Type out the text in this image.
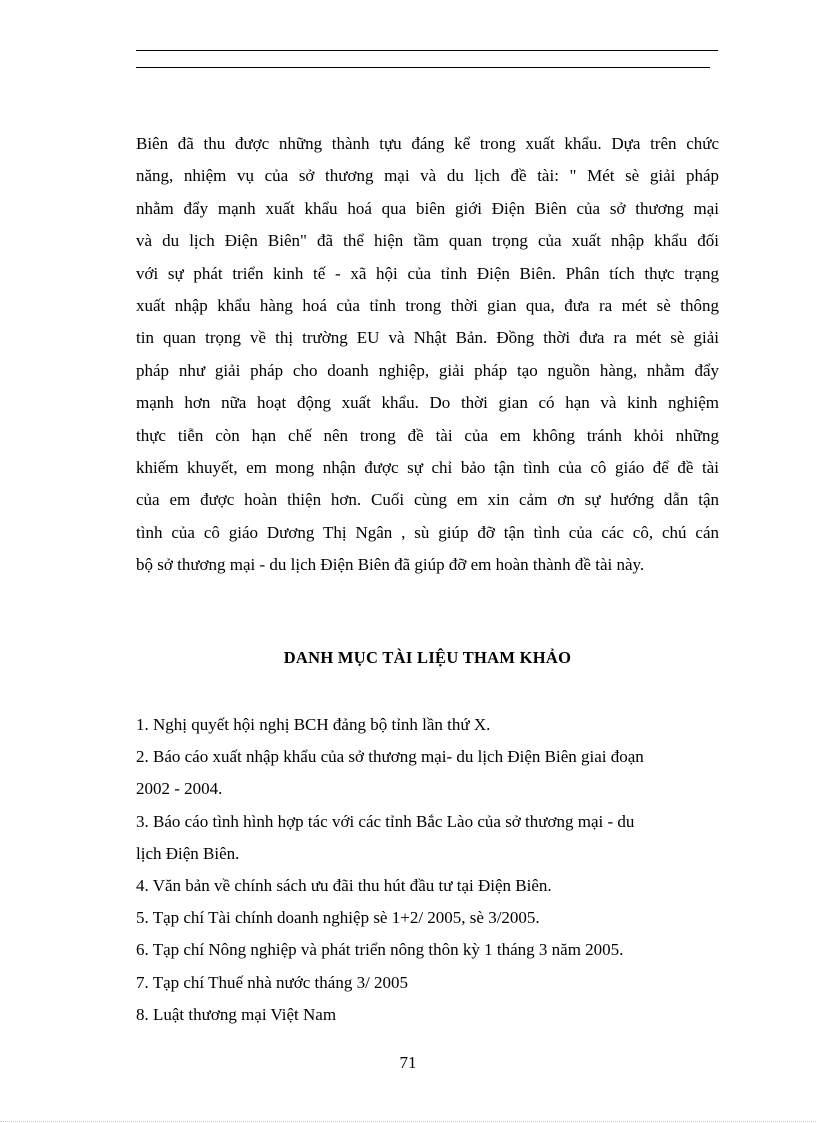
Biên đã thu được những thành tựu đáng kể trong xuất khẩu. Dựa trên chức
năng, nhiệm vụ của sở thương mại và du lịch đề tài: " Mét sè giải pháp
nhằm đẩy mạnh xuất khẩu hoá qua biên giới Điện Biên của sở thương mại
và du lịch Điện Biên" đã thể hiện tầm quan trọng của xuất nhập khẩu đối
với sự phát triển kinh tế - xã hội của tỉnh Điện Biên. Phân tích thực trạng
xuất nhập khẩu hàng hoá của tỉnh trong thời gian qua, đưa ra mét sè thông
tin quan trọng về thị trường EU và Nhật Bản. Đồng thời đưa ra mét sè giải
pháp như giải pháp cho doanh nghiệp, giải pháp tạo nguồn hàng, nhằm đẩy
mạnh hơn nữa hoạt động xuất khẩu. Do thời gian có hạn và kinh nghiệm
thực tiễn còn hạn chế nên trong đề tài của em không tránh khỏi những
khiếm khuyết, em mong nhận được sự chỉ bảo tận tình của cô giáo để đề tài
của em được hoàn thiện hơn. Cuối cùng em xin cảm ơn sự hướng dẫn tận
tình của cô giáo Dương Thị Ngân , sù giúp đỡ tận tình của các cô, chú cán
bộ sở thương mại - du lịch Điện Biên đã giúp đỡ em hoàn thành đề tài này.

DANH MỤC TÀI LIỆU THAM KHẢO
1. Nghị quyết hội nghị BCH đảng bộ tỉnh lần thứ X.
2. Báo cáo xuất nhập khẩu của sở thương mại- du lịch Điện Biên giai đoạn
2002 - 2004.
3. Báo cáo tình hình hợp tác với các tỉnh Bắc Lào của sở thương mại - du
lịch Điện Biên.
4. Văn bản về chính sách ưu đãi thu hút đầu tư tại Điện Biên.
5. Tạp chí Tài chính doanh nghiệp sè 1+2/ 2005, sè 3/2005.
6. Tạp chí Nông nghiệp và phát triển nông thôn kỳ 1 tháng 3 năm 2005.
7. Tạp chí Thuế nhà nước tháng 3/ 2005
8. Luật thương mại Việt Nam
71
